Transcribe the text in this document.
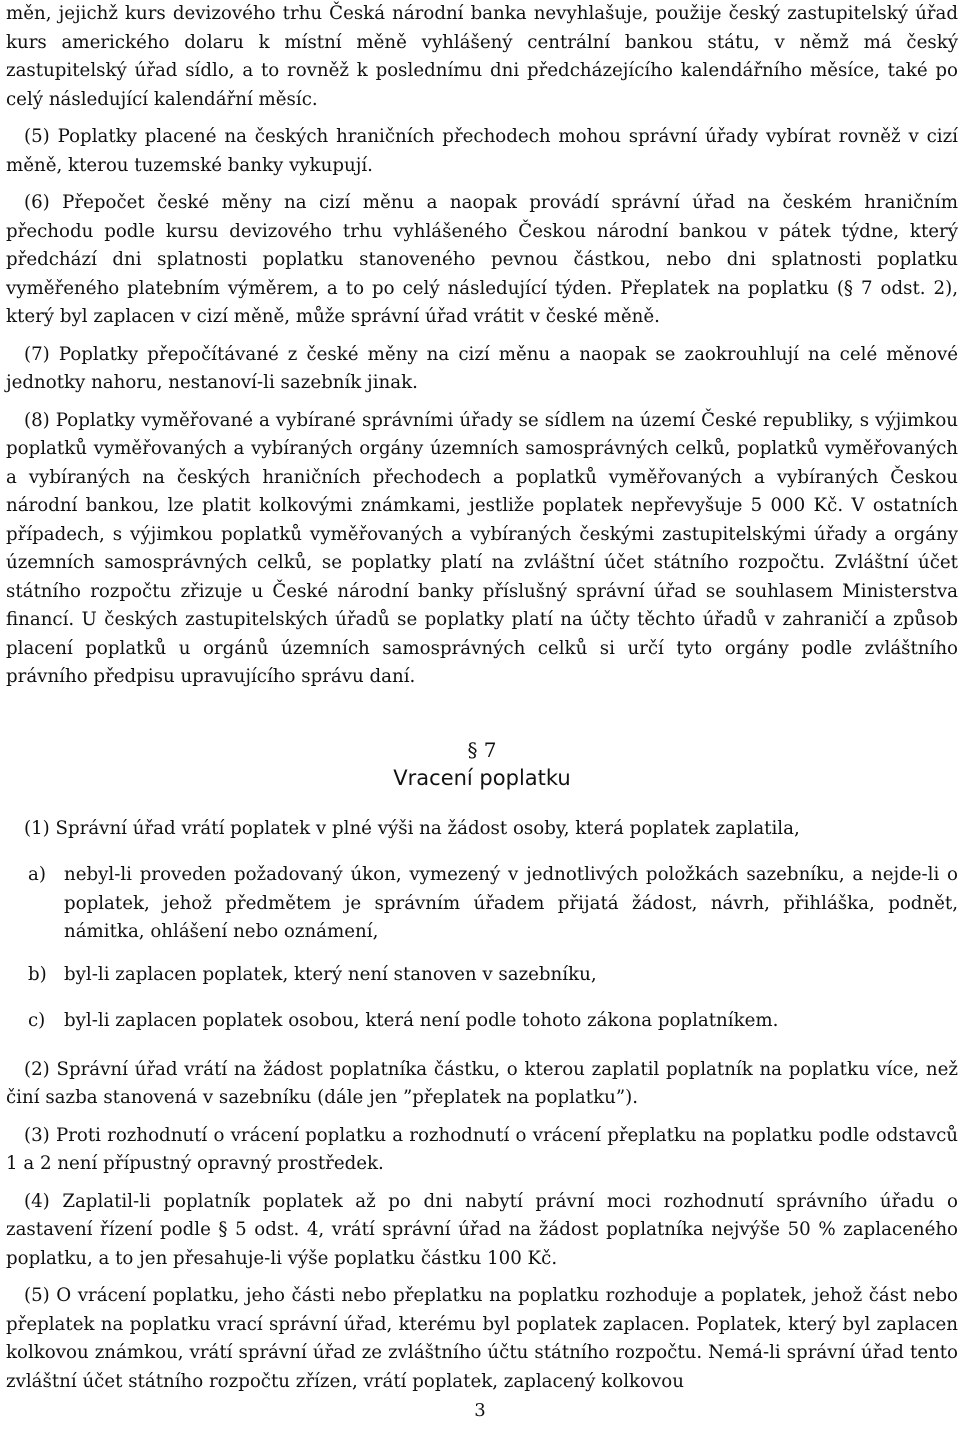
měn, jejichž kurs devizového trhu Česká národní banka nevyhlašuje, použije český zastupitelský úřad kurs amerického dolaru k místní měně vyhlášený centrální bankou státu, v němž má český zastupitelský úřad sídlo, a to rovněž k poslednímu dni předcházejícího kalendářního měsíce, také po celý následující kalendářní měsíc.

(5) Poplatky placené na českých hraničních přechodech mohou správní úřady vybírat rovněž v cizí měně, kterou tuzemské banky vykupují.

(6) Přepočet české měny na cizí měnu a naopak provádí správní úřad na českém hraničním přechodu podle kursu devizového trhu vyhlášeného Českou národní bankou v pátek týdne, který předchází dni splatnosti poplatku stanoveného pevnou částkou, nebo dni splatnosti poplatku vyměřeného platebním výměrem, a to po celý následující týden. Přeplatek na poplatku (§ 7 odst. 2), který byl zaplacen v cizí měně, může správní úřad vrátit v české měně.

(7) Poplatky přepočítávané z české měny na cizí měnu a naopak se zaokrouhlují na celé měnové jednotky nahoru, nestanoví-li sazebník jinak.

(8) Poplatky vyměřované a vybírané správními úřady se sídlem na území České republiky, s výjimkou poplatků vyměřovaných a vybíraných orgány územních samosprávných celků, poplatků vyměřovaných a vybíraných na českých hraničních přechodech a poplatků vyměřovaných a vybíraných Českou národní bankou, lze platit kolkovými známkami, jestliže poplatek nepřevyšuje 5 000 Kč. V ostatních případech, s výjimkou poplatků vyměřovaných a vybíraných českými zastupitelskými úřady a orgány územních samosprávných celků, se poplatky platí na zvláštní účet státního rozpočtu. Zvláštní účet státního rozpočtu zřizuje u České národní banky příslušný správní úřad se souhlasem Ministerstva financí. U českých zastupitelských úřadů se poplatky platí na účty těchto úřadů v zahraničí a způsob placení poplatků u orgánů územních samosprávných celků si určí tyto orgány podle zvláštního právního předpisu upravujícího správu daní.

§ 7
Vracení poplatku

(1) Správní úřad vrátí poplatek v plné výši na žádost osoby, která poplatek zaplatila,

a) nebyl-li proveden požadovaný úkon, vymezený v jednotlivých položkách sazebníku, a nejde-li o poplatek, jehož předmětem je správním úřadem přijatá žádost, návrh, přihláška, podnět, námitka, ohlášení nebo oznámení,
b) byl-li zaplacen poplatek, který není stanoven v sazebníku,
c)	byl-li zaplacen poplatek osobou, která není podle tohoto zákona poplatníkem.

(2) Správní úřad vrátí na žádost poplatníka částku, o kterou zaplatil poplatník na poplatku více, než činí sazba stanovená v sazebníku (dále jen ”přeplatek na poplatku”).

(3) Proti rozhodnutí o vrácení poplatku a rozhodnutí o vrácení přeplatku na poplatku podle odstavců 1 a 2 není přípustný opravný prostředek.

(4) Zaplatil-li poplatník poplatek až po dni nabytí právní moci rozhodnutí správního úřadu o zastavení řízení podle § 5 odst. 4, vrátí správní úřad na žádost poplatníka nejvýše 50 % zaplaceného poplatku, a to jen přesahuje-li výše poplatku částku 100 Kč.

(5) O vrácení poplatku, jeho části nebo přeplatku na poplatku rozhoduje a poplatek, jehož část nebo přeplatek na poplatku vrací správní úřad, kterému byl poplatek zaplacen. Poplatek, který byl zaplacen kolkovou známkou, vrátí správní úřad ze zvláštního účtu státního rozpočtu. Nemá-li správní úřad tento zvláštní účet státního rozpočtu zřízen, vrátí poplatek, zaplacený kolkovou

3
